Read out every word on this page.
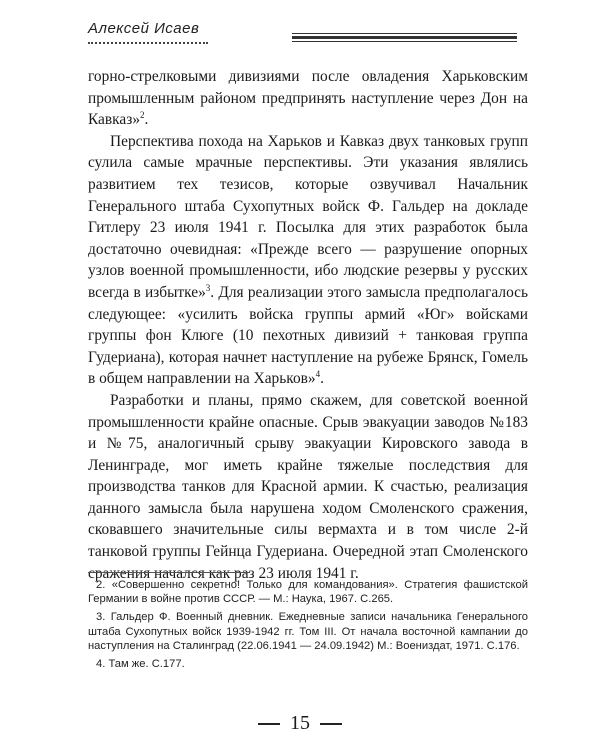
Алексей Исаев

горно-стрелковыми дивизиями после овладения Харьковским промышленным районом предпринять наступление через Дон на Кавказ»$^2$.

Перспектива похода на Харьков и Кавказ двух танковых групп сулила самые мрачные перспективы. Эти указания являлись развитием тех тезисов, которые озвучивал Начальник Генерального штаба Сухопутных войск Ф. Гальдер на докладе Гитлеру 23 июля 1941 г. Посылка для этих разработок была достаточно очевидная: «Прежде всего — разрушение опорных узлов военной промышленности, ибо людские резервы у русских всегда в избытке»$^3$. Для реализации этого замысла предполагалось следующее: «усилить войска группы армий «Юг» войсками группы фон Клюге (10 пехотных дивизий + танковая группа Гудериана), которая начнет наступление на рубеже Брянск, Гомель в общем направлении на Харьков»$^4$.

Разработки и планы, прямо скажем, для советской военной промышленности крайне опасные. Срыв эвакуации заводов №183 и №75, аналогичный срыву эвакуации Кировского завода в Ленинграде, мог иметь крайне тяжелые последствия для производства танков для Красной армии. К счастью, реализация данного замысла была нарушена ходом Смоленского сражения, сковавшего значительные силы вермахта и в том числе 2-й танковой группы Гейнца Гудериана. Очередной этап Смоленского сражения начался как раз 23 июля 1941 г.

2. «Совершенно секретно! Только для командования». Стратегия фашистской Германии в войне против СССР. — М.: Наука, 1967. С.265.

3. Гальдер Ф. Военный дневник. Ежедневные записи начальника Генерального штаба Сухопутных войск 1939-1942 гг. Том III. От начала восточной кампании до наступления на Сталинград (22.06.1941 — 24.09.1942) М.: Воениздат, 1971. С.176.

4. Там же. С.177.

15
